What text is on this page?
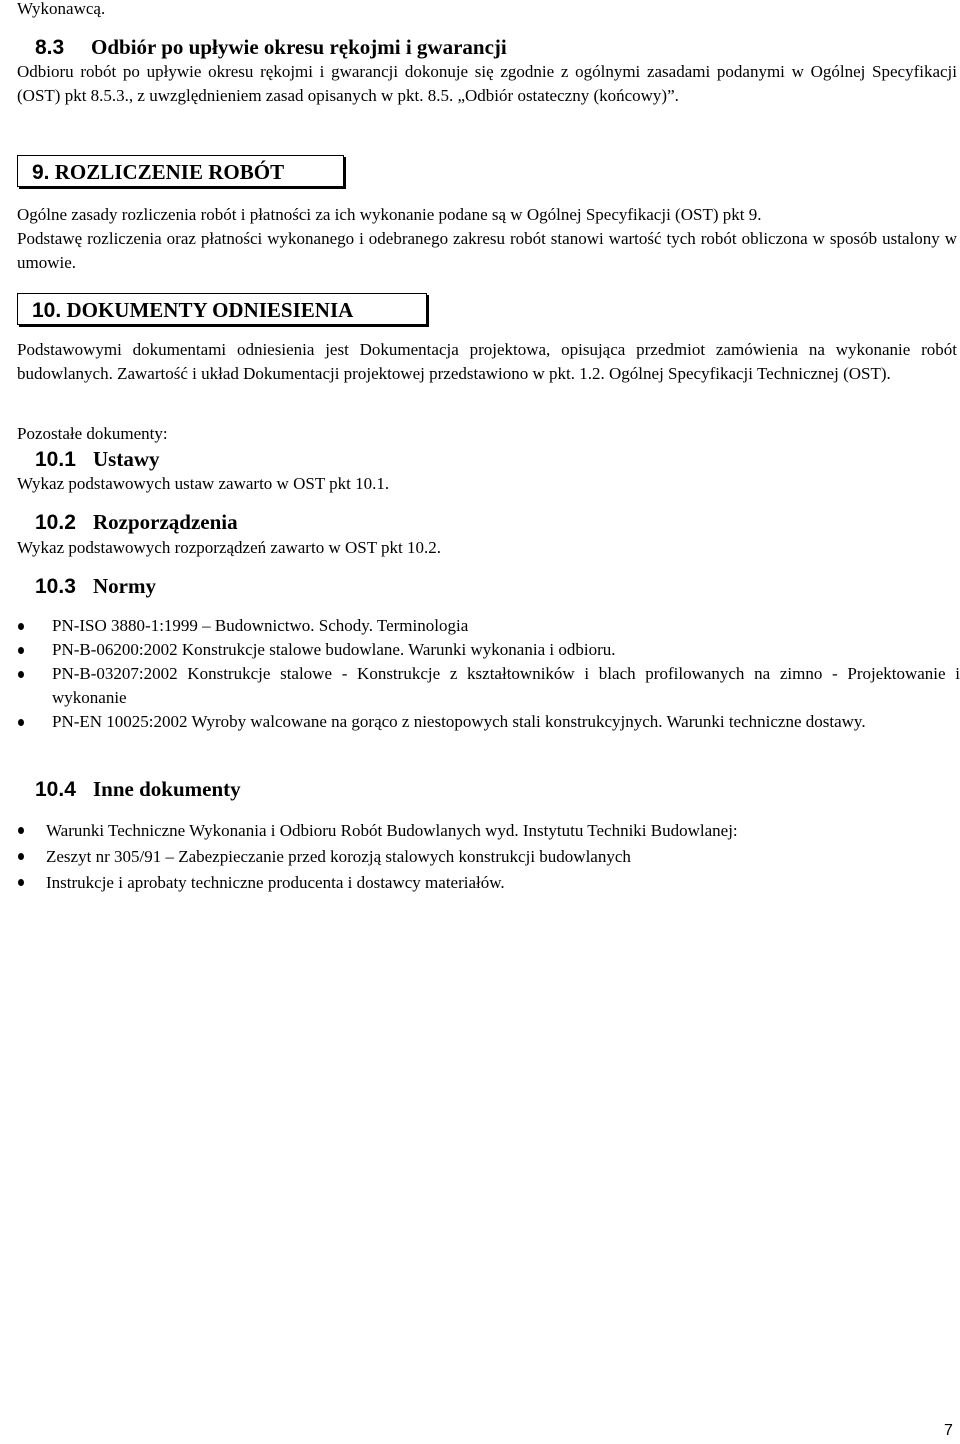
Wykonawcą.
8.3 Odbiór po upływie okresu rękojmi i gwarancji
Odbioru robót po upływie okresu rękojmi i gwarancji dokonuje się zgodnie z ogólnymi zasadami podanymi w Ogólnej Specyfikacji (OST) pkt 8.5.3., z uwzględnieniem zasad opisanych w pkt. 8.5. „Odbiór ostateczny (końcowy)”.
9. ROZLICZENIE ROBÓT
Ogólne zasady rozliczenia robót i płatności za ich wykonanie podane są w Ogólnej Specyfikacji (OST) pkt 9.
Podstawę rozliczenia oraz płatności wykonanego i odebranego zakresu robót stanowi wartość tych robót obliczona w sposób ustalony w umowie.
10. DOKUMENTY ODNIESIENIA
Podstawowymi dokumentami odniesienia jest Dokumentacja projektowa, opisująca przedmiot zamówienia na wykonanie robót budowlanych. Zawartość i układ Dokumentacji projektowej przedstawiono w pkt. 1.2. Ogólnej Specyfikacji Technicznej (OST).
Pozostałe dokumenty:
10.1 Ustawy
Wykaz podstawowych ustaw zawarto w OST pkt 10.1.
10.2 Rozporządzenia
Wykaz podstawowych rozporządzeń zawarto w OST pkt 10.2.
10.3 Normy
PN-ISO 3880-1:1999 – Budownictwo. Schody. Terminologia
PN-B-06200:2002 Konstrukcje stalowe budowlane. Warunki wykonania i odbioru.
PN-B-03207:2002 Konstrukcje stalowe - Konstrukcje z kształtowników i blach profilowanych na zimno - Projektowanie i wykonanie
PN-EN 10025:2002 Wyroby walcowane na gorąco z niestopowych stali konstrukcyjnych. Warunki techniczne dostawy.
10.4 Inne dokumenty
Warunki Techniczne Wykonania i Odbioru Robót Budowlanych wyd. Instytutu Techniki Budowlanej:
Zeszyt nr 305/91 – Zabezpieczanie przed korozją stalowych konstrukcji budowlanych
Instrukcje i aprobaty techniczne producenta i dostawcy materiałów.
7
